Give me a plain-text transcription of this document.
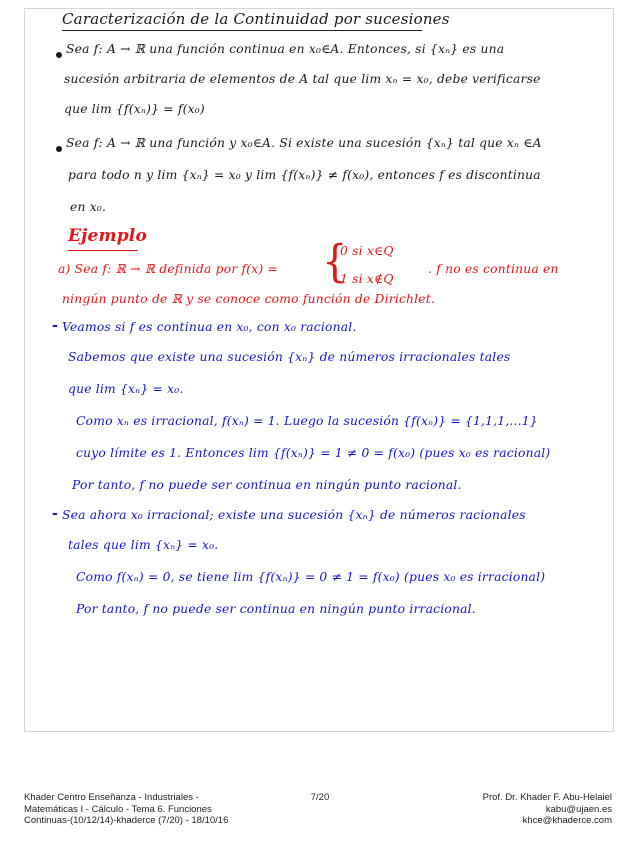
Caracterización de la Continuidad por sucesiones
Sea f: A → ℝ una función continua en x₀∈A. Entonces, si {xₙ} es una
sucesión arbitraria de elementos de A tal que lim xₙ = x₀, debe verificarse
que lim {f(xₙ)} = f(x₀)
Sea f: A → ℝ una función y x₀∈A. Si existe una sucesión {xₙ} tal que xₙ ∈A
para todo n y lim {xₙ} = x₀ y lim {f(xₙ)} ≠ f(x₀), entonces f es discontinua
en x₀.
Ejemplo
a) Sea f: ℝ → ℝ definida por f(x) = {
0 si x∈Q
1 si x∉Q
. f no es continua en
ningún punto de ℝ y se conoce como función de Dirichlet.
- Veamos si f es continua en x₀, con x₀ racional.
Sabemos que existe una sucesión {xₙ} de números irracionales tales
que lim {xₙ} = x₀.
Como xₙ es irracional, f(xₙ) = 1. Luego la sucesión {f(xₙ)} = {1,1,1,...1}
cuyo límite es 1. Entonces lim {f(xₙ)} = 1 ≠ 0 = f(x₀) (pues x₀ es racional)
Por tanto, f no puede ser continua en ningún punto racional.
- Sea ahora x₀ irracional; existe una sucesión {xₙ} de números racionales
tales que lim {xₙ} = x₀.
Como f(xₙ) = 0, se tiene lim {f(xₙ)} = 0 ≠ 1 = f(x₀) (pues x₀ es irracional)
Por tanto, f no puede ser continua en ningún punto irracional.
Khader Centro Enseñanza - Industriales -
Matemáticas I - Cálculo - Tema 6. Funciones
Continuas-(10/12/14)-khaderce (7/20) - 18/10/16
7/20	Prof. Dr. Khader F. Abu-Helaiel
kabu@ujaen.es
khce@khaderce.com
